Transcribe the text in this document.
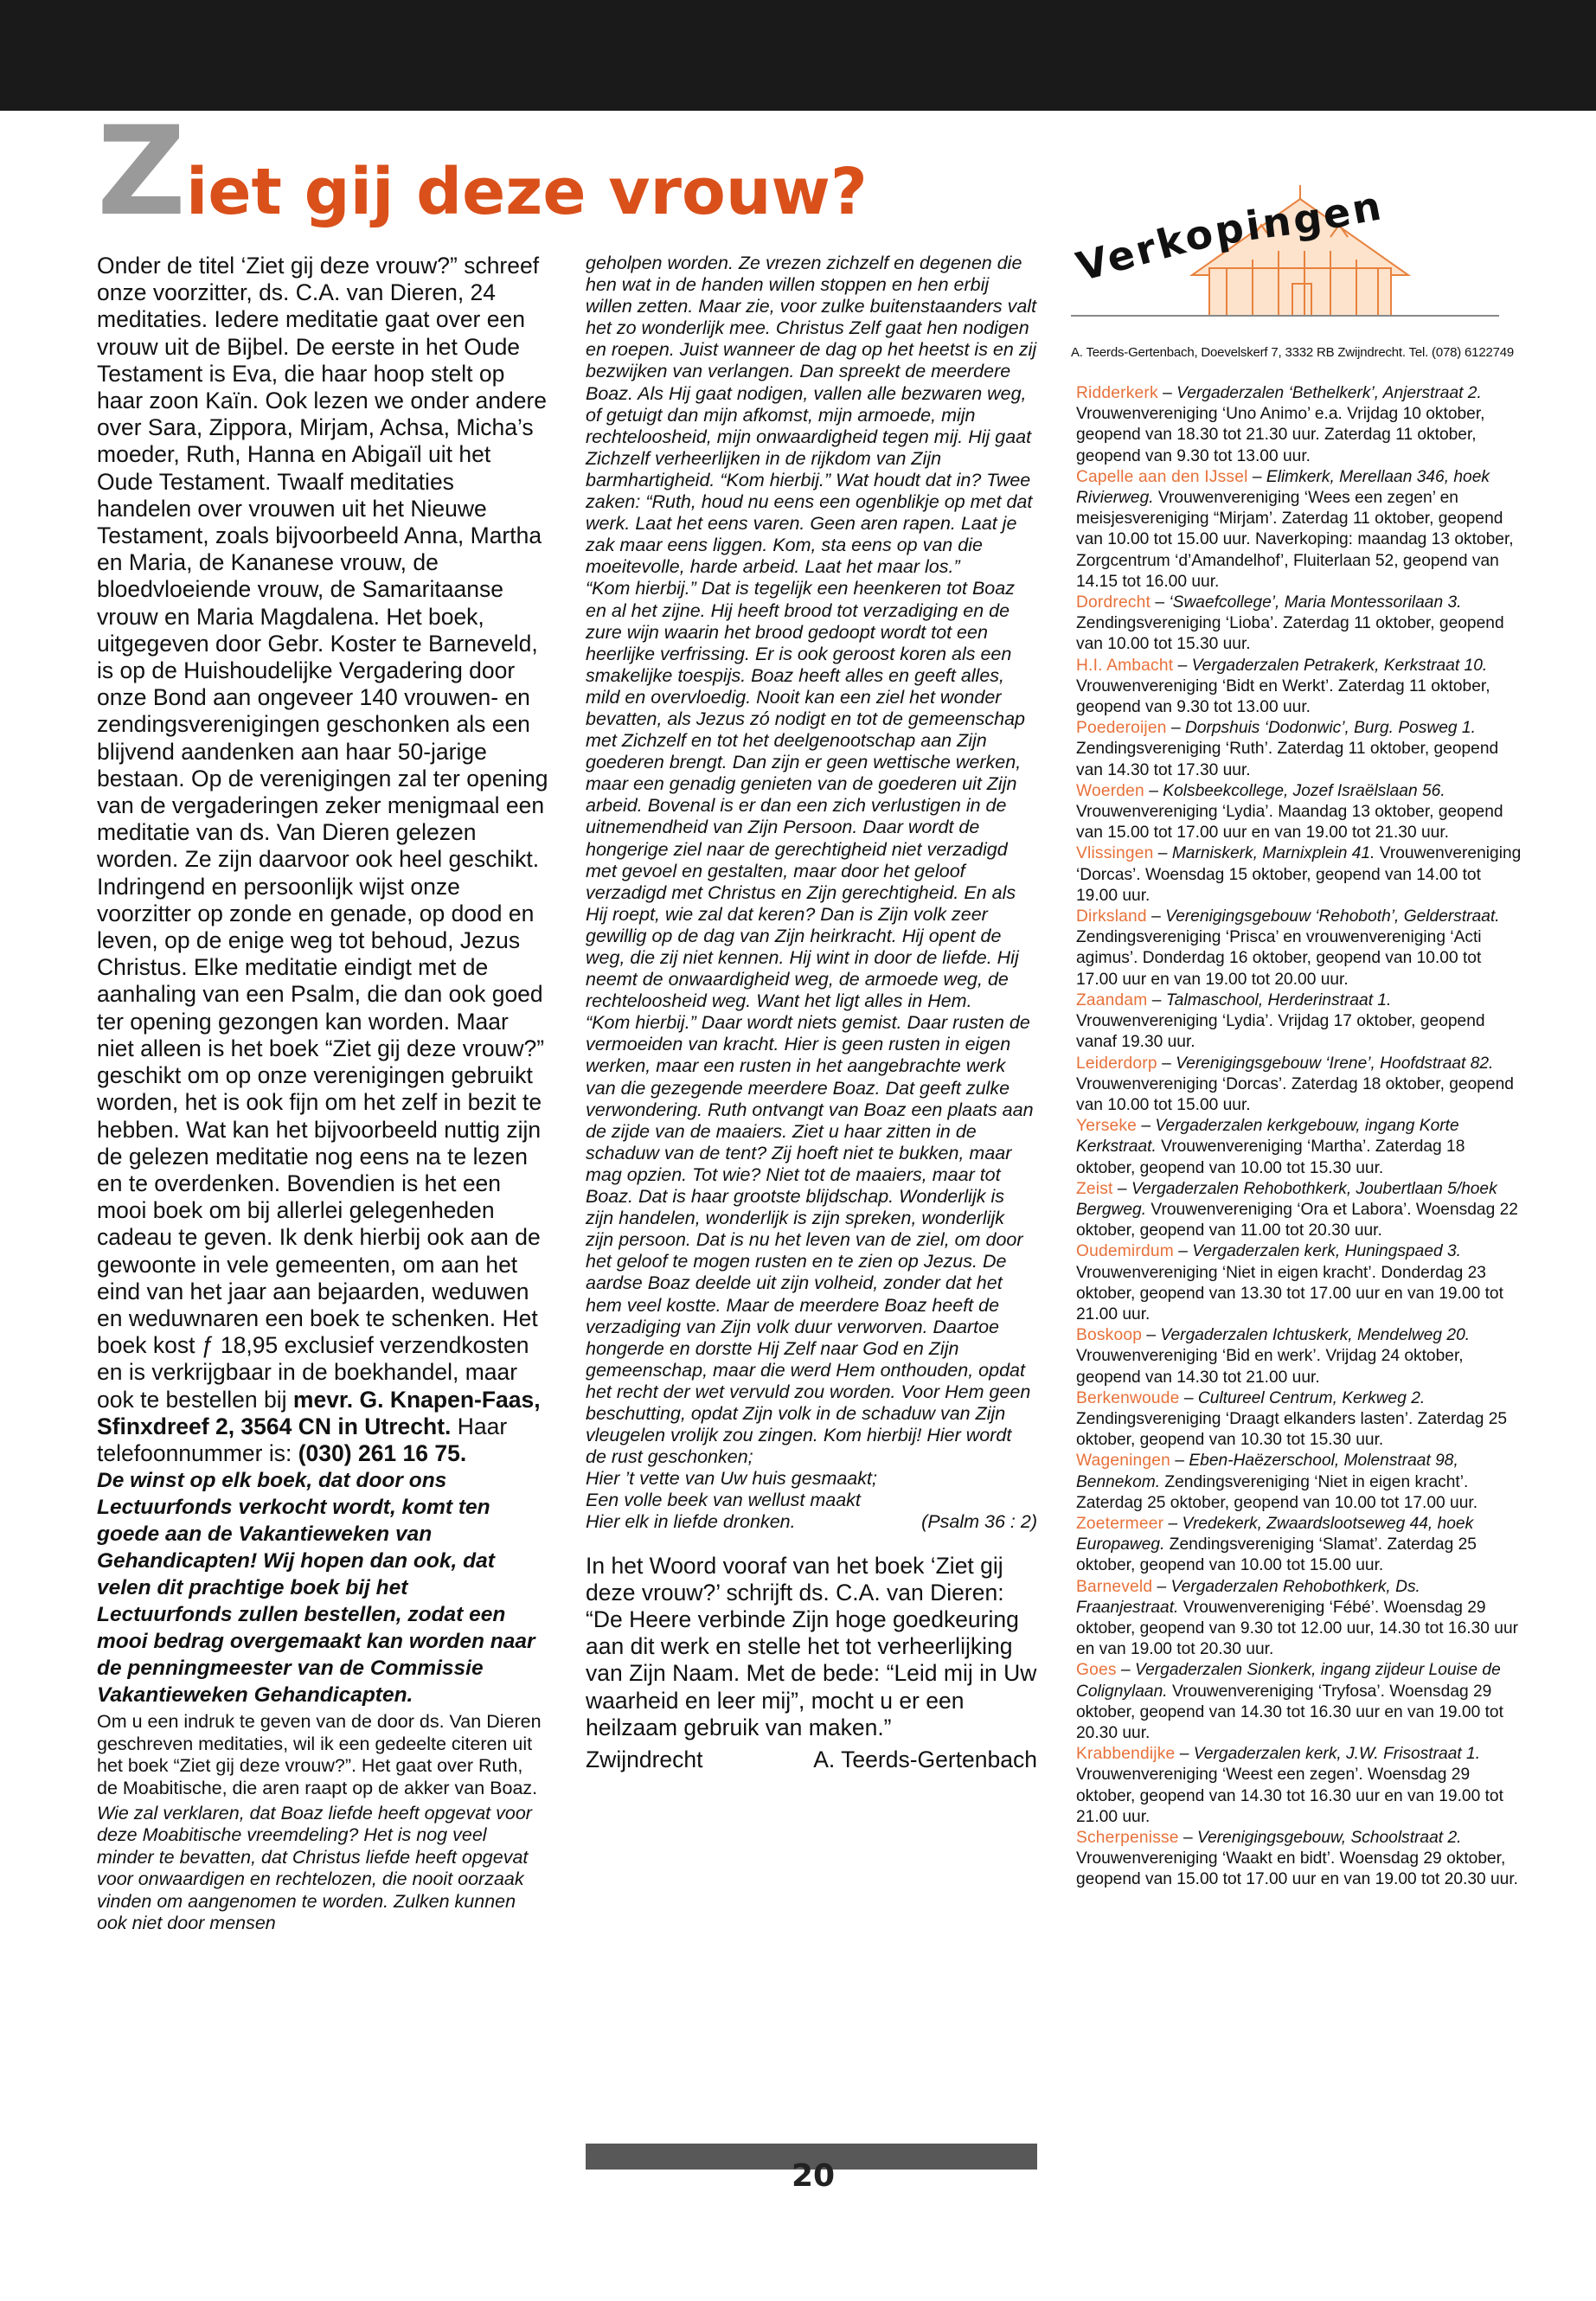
Ziet gij deze vrouw?

Onder de titel ‘Ziet gij deze vrouw?” schreef onze voorzitter, ds. C.A. van Dieren, 24 meditaties. Iedere meditatie gaat over een vrouw uit de Bijbel. De eerste in het Oude Testament is Eva, die haar hoop stelt op haar zoon Kaïn. Ook lezen we onder andere over Sara, Zippora, Mirjam, Achsa, Micha’s moeder, Ruth, Hanna en Abigaïl uit het Oude Testament. Twaalf meditaties handelen over vrouwen uit het Nieuwe Testament, zoals bijvoorbeeld Anna, Martha en Maria, de Kananese vrouw, de bloedvloeiende vrouw, de Samaritaanse vrouw en Maria Magdalena. Het boek, uitgegeven door Gebr. Koster te Barneveld, is op de Huishoudelijke Vergadering door onze Bond aan ongeveer 140 vrouwen- en zendingsverenigingen geschonken als een blijvend aandenken aan haar 50-jarige bestaan. Op de verenigingen zal ter opening van de vergaderingen zeker menigmaal een meditatie van ds. Van Dieren gelezen worden. Ze zijn daarvoor ook heel geschikt. Indringend en persoonlijk wijst onze voorzitter op zonde en genade, op dood en leven, op de enige weg tot behoud, Jezus Christus. Elke meditatie eindigt met de aanhaling van een Psalm, die dan ook goed ter opening gezongen kan worden. Maar niet alleen is het boek “Ziet gij deze vrouw?” geschikt om op onze verenigingen gebruikt worden, het is ook fijn om het zelf in bezit te hebben. Wat kan het bijvoorbeeld nuttig zijn de gelezen meditatie nog eens na te lezen en te overdenken. Bovendien is het een mooi boek om bij allerlei gelegenheden cadeau te geven. Ik denk hierbij ook aan de gewoonte in vele gemeenten, om aan het eind van het jaar aan bejaarden, weduwen en weduwnaren een boek te schenken. Het boek kost ƒ 18,95 exclusief verzendkosten en is verkrijgbaar in de boekhandel, maar ook te bestellen bij mevr. G. Knapen-Faas, Sfinxdreef 2, 3564 CN in Utrecht. Haar telefoonnummer is: (030) 261 16 75.

De winst op elk boek, dat door ons Lectuurfonds verkocht wordt, komt ten goede aan de Vakantieweken van Gehandicapten! Wij hopen dan ook, dat velen dit prachtige boek bij het Lectuurfonds zullen bestellen, zodat een mooi bedrag overgemaakt kan worden naar de penningmeester van de Commissie Vakantieweken Gehandicapten.

Om u een indruk te geven van de door ds. Van Dieren geschreven meditaties, wil ik een gedeelte citeren uit het boek “Ziet gij deze vrouw?”. Het gaat over Ruth, de Moabitische, die aren raapt op de akker van Boaz.

Wie zal verklaren, dat Boaz liefde heeft opgevat voor deze Moabitische vreemdeling? Het is nog veel minder te bevatten, dat Christus liefde heeft opgevat voor onwaardigen en rechtelozen, die nooit oorzaak vinden om aangenomen te worden. Zulken kunnen ook niet door mensen

geholpen worden. Ze vrezen zichzelf en degenen die hen wat in de handen willen stoppen en hen erbij willen zetten. Maar zie, voor zulke buitenstaanders valt het zo wonderlijk mee. Christus Zelf gaat hen nodigen en roepen. Juist wanneer de dag op het heetst is en zij bezwijken van verlangen. Dan spreekt de meerdere Boaz. Als Hij gaat nodigen, vallen alle bezwaren weg, of getuigt dan mijn afkomst, mijn armoede, mijn rechteloosheid, mijn onwaardigheid tegen mij. Hij gaat Zichzelf verheerlijken in de rijkdom van Zijn barmhartigheid. “Kom hierbij.” Wat houdt dat in? Twee zaken: “Ruth, houd nu eens een ogenblikje op met dat werk. Laat het eens varen. Geen aren rapen. Laat je zak maar eens liggen. Kom, sta eens op van die moeitevolle, harde arbeid. Laat het maar los.”

“Kom hierbij.” Dat is tegelijk een heenkeren tot Boaz en al het zijne. Hij heeft brood tot verzadiging en de zure wijn waarin het brood gedoopt wordt tot een heerlijke verfrissing. Er is ook geroost koren als een smakelijke toespijs. Boaz heeft alles en geeft alles, mild en overvloedig. Nooit kan een ziel het wonder bevatten, als Jezus zó nodigt en tot de gemeenschap met Zichzelf en tot het deelgenootschap aan Zijn goederen brengt. Dan zijn er geen wettische werken, maar een genadig genieten van de goederen uit Zijn arbeid. Bovenal is er dan een zich verlustigen in de uitnemendheid van Zijn Persoon. Daar wordt de hongerige ziel naar de gerechtigheid niet verzadigd met gevoel en gestalten, maar door het geloof verzadigd met Christus en Zijn gerechtigheid. En als Hij roept, wie zal dat keren? Dan is Zijn volk zeer gewillig op de dag van Zijn heirkracht. Hij opent de weg, die zij niet kennen. Hij wint in door de liefde. Hij neemt de onwaardigheid weg, de armoede weg, de rechteloosheid weg. Want het ligt alles in Hem.

“Kom hierbij.” Daar wordt niets gemist. Daar rusten de vermoeiden van kracht. Hier is geen rusten in eigen werken, maar een rusten in het aangebrachte werk van die gezegende meerdere Boaz. Dat geeft zulke verwondering. Ruth ontvangt van Boaz een plaats aan de zijde van de maaiers. Ziet u haar zitten in de schaduw van de tent? Zij hoeft niet te bukken, maar mag opzien. Tot wie? Niet tot de maaiers, maar tot Boaz. Dat is haar grootste blijdschap. Wonderlijk is zijn handelen, wonderlijk is zijn spreken, wonderlijk zijn persoon. Dat is nu het leven van de ziel, om door het geloof te mogen rusten en te zien op Jezus. De aardse Boaz deelde uit zijn volheid, zonder dat het hem veel kostte. Maar de meerdere Boaz heeft de verzadiging van Zijn volk duur verworven. Daartoe hongerde en dorstte Hij Zelf naar God en Zijn gemeenschap, maar die werd Hem onthouden, opdat het recht der wet vervuld zou worden. Voor Hem geen beschutting, opdat Zijn volk in de schaduw van Zijn vleugelen vrolijk zou zingen. Kom hierbij! Hier wordt de rust geschonken;

Hier ’t vette van Uw huis gesmaakt;

Een volle beek van wellust maakt

Hier elk in liefde dronken.	(Psalm 36 : 2)

In het Woord vooraf van het boek ‘Ziet gij deze vrouw?’ schrijft ds. C.A. van Dieren: “De Heere verbinde Zijn hoge goedkeuring aan dit werk en stelle het tot verheerlijking van Zijn Naam. Met de bede: “Leid mij in Uw waarheid en leer mij”, mocht u er een heilzaam gebruik van maken.”

Zwijndrecht	A. Teerds-Gertenbach

Verkopingen
A. Teerds-Gertenbach, Doevelskerf 7, 3332 RB Zwijndrecht. Tel. (078) 6122749

Ridderkerk – Vergaderzalen ‘Bethelkerk’, Anjerstraat 2. Vrouwenvereniging ‘Uno Animo’ e.a. Vrijdag 10 oktober, geopend van 18.30 tot 21.30 uur. Zaterdag 11 oktober, geopend van 9.30 tot 13.00 uur.

Capelle aan den IJssel – Elimkerk, Merellaan 346, hoek Rivierweg. Vrouwenvereniging ‘Wees een zegen’ en meisjesvereniging “Mirjam’. Zaterdag 11 oktober, geopend van 10.00 tot 15.00 uur. Naverkoping: maandag 13 oktober, Zorgcentrum ‘d’Amandelhof’, Fluiterlaan 52, geopend van 14.15 tot 16.00 uur.

Dordrecht – ‘Swaefcollege’, Maria Montessorilaan 3. Zendingsvereniging ‘Lioba’. Zaterdag 11 oktober, geopend van 10.00 tot 15.30 uur.

H.I. Ambacht – Vergaderzalen Petrakerk, Kerkstraat 10. Vrouwenvereniging ‘Bidt en Werkt’. Zaterdag 11 oktober, geopend van 9.30 tot 13.00 uur.

Poederoijen – Dorpshuis ‘Dodonwic’, Burg. Posweg 1. Zendingsvereniging ‘Ruth’. Zaterdag 11 oktober, geopend van 14.30 tot 17.30 uur.

Woerden – Kolsbeekcollege, Jozef Israëlslaan 56. Vrouwenvereniging ‘Lydia’. Maandag 13 oktober, geopend van 15.00 tot 17.00 uur en van 19.00 tot 21.30 uur.

Vlissingen – Marniskerk, Marnixplein 41. Vrouwenvereniging ‘Dorcas’. Woensdag 15 oktober, geopend van 14.00 tot 19.00 uur.

Dirksland – Verenigingsgebouw ‘Rehoboth’, Gelderstraat. Zendingsvereniging ‘Prisca’ en vrouwenvereniging ‘Acti agimus’. Donderdag 16 oktober, geopend van 10.00 tot 17.00 uur en van 19.00 tot 20.00 uur.

Zaandam – Talmaschool, Herderinstraat 1. Vrouwenvereniging ‘Lydia’. Vrijdag 17 oktober, geopend vanaf 19.30 uur.

Leiderdorp – Verenigingsgebouw ‘Irene’, Hoofdstraat 82. Vrouwenvereniging ‘Dorcas’. Zaterdag 18 oktober, geopend van 10.00 tot 15.00 uur.

Yerseke – Vergaderzalen kerkgebouw, ingang Korte Kerkstraat. Vrouwenvereniging ‘Martha’. Zaterdag 18 oktober, geopend van 10.00 tot 15.30 uur.

Zeist – Vergaderzalen Rehobothkerk, Joubertlaan 5/hoek Bergweg. Vrouwenvereniging ‘Ora et Labora’. Woensdag 22 oktober, geopend van 11.00 tot 20.30 uur.

Oudemirdum – Vergaderzalen kerk, Huningspaed 3. Vrouwenvereniging ‘Niet in eigen kracht’. Donderdag 23 oktober, geopend van 13.30 tot 17.00 uur en van 19.00 tot 21.00 uur.

Boskoop – Vergaderzalen Ichtuskerk, Mendelweg 20. Vrouwenvereniging ‘Bid en werk’. Vrijdag 24 oktober, geopend van 14.30 tot 21.00 uur.

Berkenwoude – Cultureel Centrum, Kerkweg 2. Zendingsvereniging ‘Draagt elkanders lasten’. Zaterdag 25 oktober, geopend van 10.30 tot 15.30 uur.

Wageningen – Eben-Haëzerschool, Molenstraat 98, Bennekom. Zendingsvereniging ‘Niet in eigen kracht’. Zaterdag 25 oktober, geopend van 10.00 tot 17.00 uur.

Zoetermeer – Vredekerk, Zwaardslootseweg 44, hoek Europaweg. Zendingsvereniging ‘Slamat’. Zaterdag 25 oktober, geopend van 10.00 tot 15.00 uur.

Barneveld – Vergaderzalen Rehobothkerk, Ds. Fraanjestraat. Vrouwenvereniging ‘Fébé’. Woensdag 29 oktober, geopend van 9.30 tot 12.00 uur, 14.30 tot 16.30 uur en van 19.00 tot 20.30 uur.

Goes – Vergaderzalen Sionkerk, ingang zijdeur Louise de Colignylaan. Vrouwenvereniging ‘Tryfosa’. Woensdag 29 oktober, geopend van 14.30 tot 16.30 uur en van 19.00 tot 20.30 uur.

Krabbendijke – Vergaderzalen kerk, J.W. Frisostraat 1. Vrouwenvereniging ‘Weest een zegen’. Woensdag 29 oktober, geopend van 14.30 tot 16.30 uur en van 19.00 tot 21.00 uur.

Scherpenisse – Verenigingsgebouw, Schoolstraat 2. Vrouwenvereniging ‘Waakt en bidt’. Woensdag 29 oktober, geopend van 15.00 tot 17.00 uur en van 19.00 tot 20.30 uur.

20
